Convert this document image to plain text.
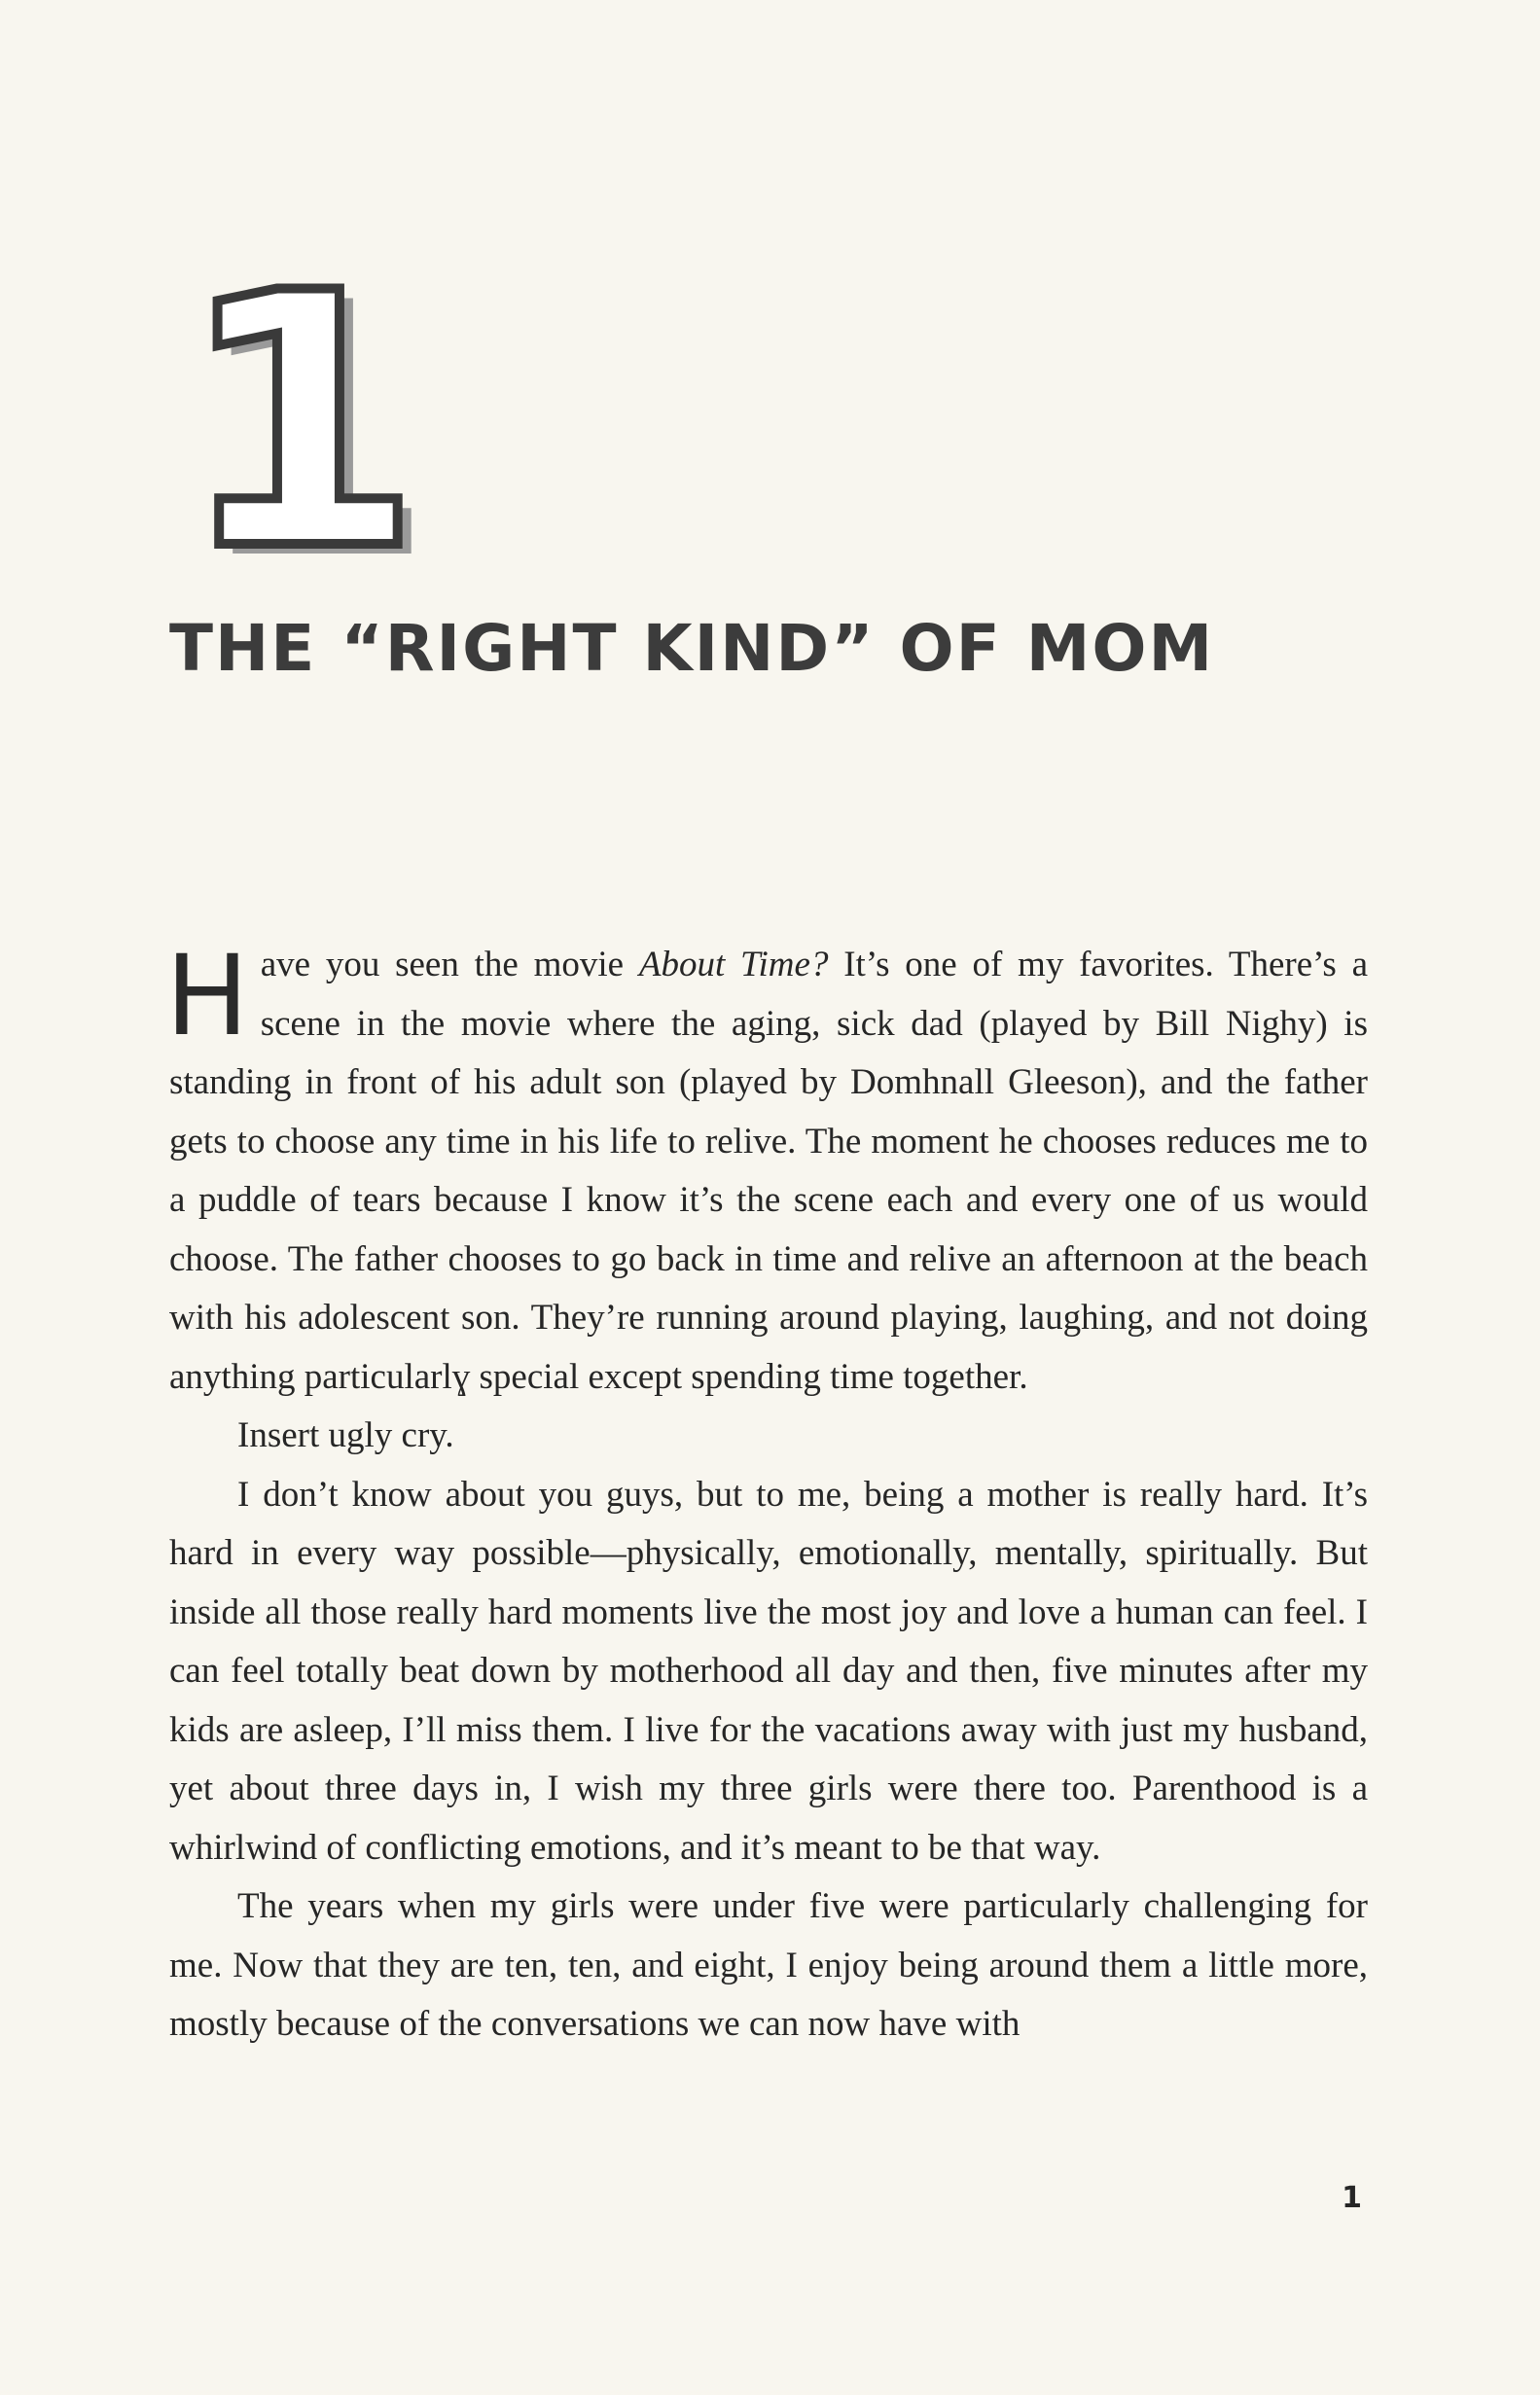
1
THE “RIGHT KIND” OF MOM

Have you seen the movie About Time? It’s one of my favorites. There’s a scene in the movie where the aging, sick dad (played by Bill Nighy) is standing in front of his adult son (played by Domhnall Gleeson), and the father gets to choose any time in his life to relive. The moment he chooses reduces me to a puddle of tears because I know it’s the scene each and every one of us would choose. The father chooses to go back in time and relive an afternoon at the beach with his adolescent son. They’re running around playing, laughing, and not doing anything particularlɣ special except spending time together.

Insert ugly cry.

I don’t know about you guys, but to me, being a mother is really hard. It’s hard in every way possible—physically, emotionally, mentally, spiritually. But inside all those really hard moments live the most joy and love a human can feel. I can feel totally beat down by motherhood all day and then, five minutes after my kids are asleep, I’ll miss them. I live for the vacations away with just my husband, yet about three days in, I wish my three girls were there too. Parenthood is a whirlwind of conflicting emotions, and it’s meant to be that way.

The years when my girls were under five were particularly challenging for me. Now that they are ten, ten, and eight, I enjoy being around them a little more, mostly because of the conversations we can now have with

1
